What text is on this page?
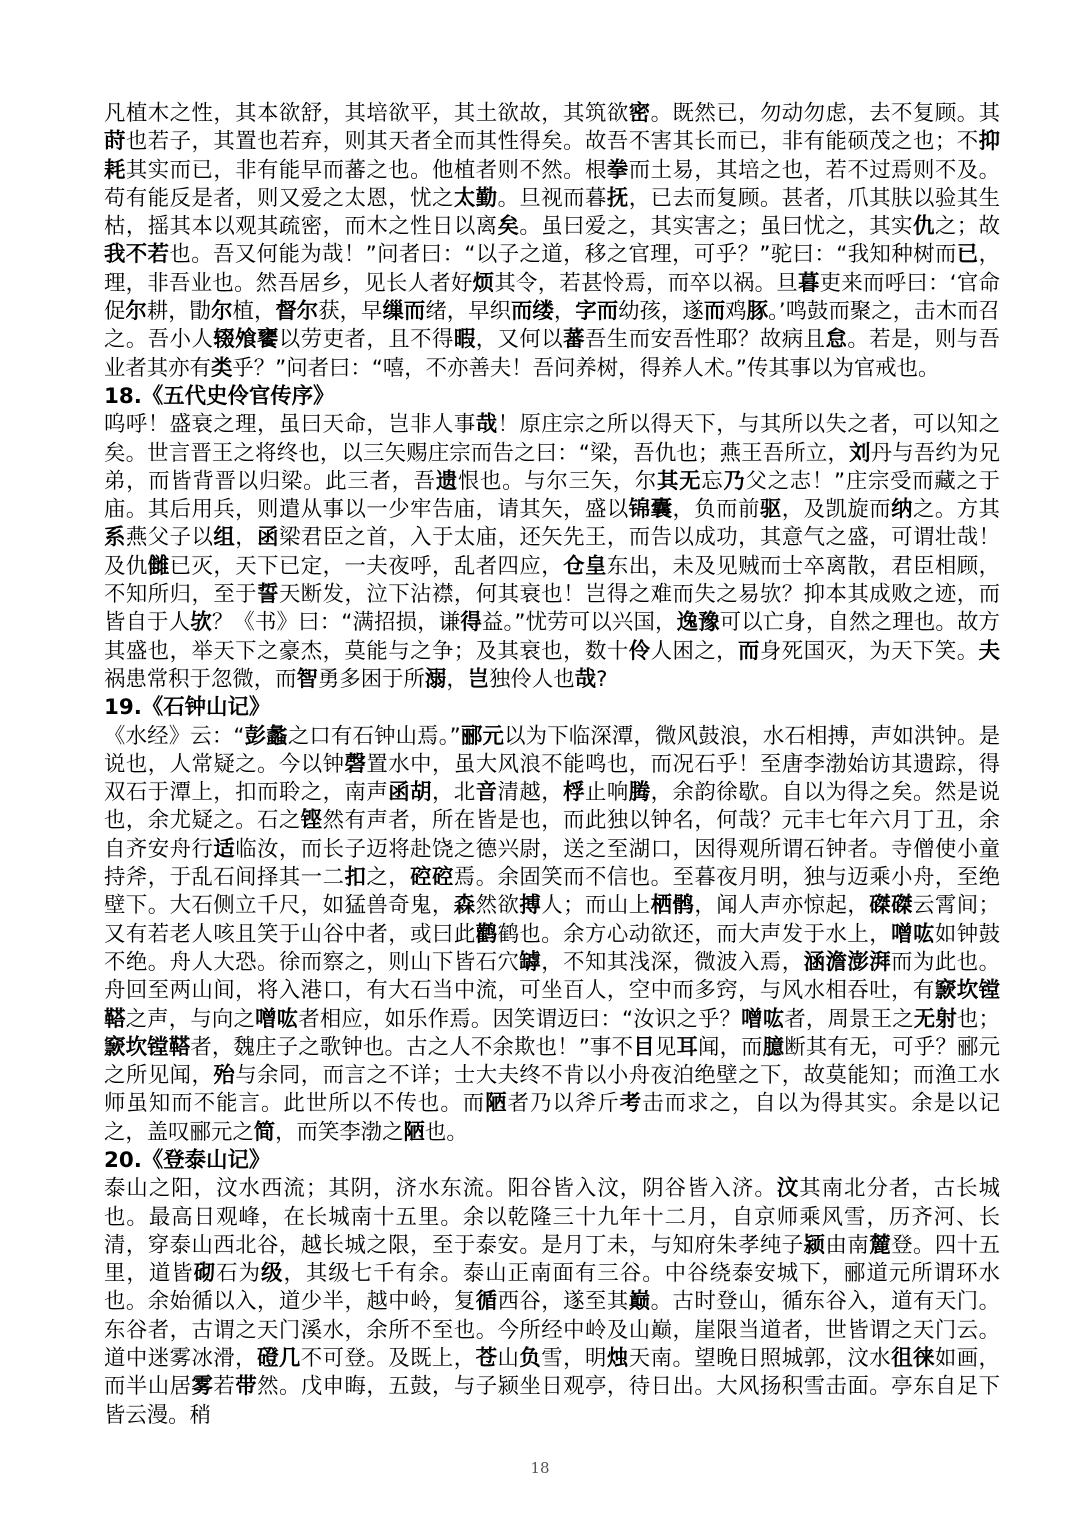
凡植木之性，其本欲舒，其培欲平，其土欲故，其筑欲密。既然已，勿动勿虑，去不复顾。其莳也若子，其置也若弃，则其天者全而其性得矣。故吾不害其长而已，非有能硕茂之也；不抑耗其实而已，非有能早而蕃之也。他植者则不然。根拳而土易，其培之也，若不过焉则不及。苟有能反是者，则又爱之太恩，忧之太勤。旦视而暮抚，已去而复顾。甚者，爪其肤以验其生枯，摇其本以观其疏密，而木之性日以离矣。虽曰爱之，其实害之；虽曰忧之，其实仇之；故我不若也。吾又何能为哉！”问者曰：“以子之道，移之官理，可乎？”驼曰：“我知种树而已，理，非吾业也。然吾居乡，见长人者好烦其令，若甚怜焉，而卒以祸。旦暮吏来而呼曰：‘官命促尔耕，勖尔植，督尔获，早缫而绪，早织而缕，字而幼孩，遂而鸡豚。’鸣鼓而聚之，击木而召之。吾小人辍飧饔以劳吏者，且不得暇，又何以蕃吾生而安吾性耶？故病且怠。若是，则与吾业者其亦有类乎？”问者曰：“嘻，不亦善夫！吾问养树，得养人术。”传其事以为官戒也。

18.《五代史伶官传序》

呜呼！盛衰之理，虽曰天命，岂非人事哉！原庄宗之所以得天下，与其所以失之者，可以知之矣。世言晋王之将终也，以三矢赐庄宗而告之曰：“梁，吾仇也；燕王吾所立，刘丹与吾约为兄弟，而皆背晋以归梁。此三者，吾遗恨也。与尔三矢，尔其无忘乃父之志！”庄宗受而藏之于庙。其后用兵，则遣从事以一少牢告庙，请其矢，盛以锦囊，负而前驱，及凯旋而纳之。方其系燕父子以组，函梁君臣之首，入于太庙，还矢先王，而告以成功，其意气之盛，可谓壮哉！及仇雠已灭，天下已定，一夫夜呼，乱者四应，仓皇东出，未及见贼而士卒离散，君臣相顾，不知所归，至于誓天断发，泣下沾襟，何其衰也！岂得之难而失之易欤？抑本其成败之迹，而皆自于人欤？《书》曰：“满招损，谦得益。”忧劳可以兴国，逸豫可以亡身，自然之理也。故方其盛也，举天下之豪杰，莫能与之争；及其衰也，数十伶人困之，而身死国灭，为天下笑。夫祸患常积于忽微，而智勇多困于所溺，岂独伶人也哉?

19.《石钟山记》

《水经》云：“彭蠡之口有石钟山焉。”郦元以为下临深潭，微风鼓浪，水石相搏，声如洪钟。是说也，人常疑之。今以钟磬置水中，虽大风浪不能鸣也，而况石乎！至唐李渤始访其遗踪，得双石于潭上，扣而聆之，南声函胡，北音清越，桴止响腾，余韵徐歇。自以为得之矣。然是说也，余尤疑之。石之铿然有声者，所在皆是也，而此独以钟名，何哉？元丰七年六月丁丑，余自齐安舟行适临汝，而长子迈将赴饶之德兴尉，送之至湖口，因得观所谓石钟者。寺僧使小童持斧，于乱石间择其一二扣之，硿硿焉。余固笑而不信也。至暮夜月明，独与迈乘小舟，至绝壁下。大石侧立千尺，如猛兽奇鬼，森然欲搏人；而山上栖鹘，闻人声亦惊起，磔磔云霄间；又有若老人咳且笑于山谷中者，或曰此鹳鹤也。余方心动欲还，而大声发于水上，噌吰如钟鼓不绝。舟人大恐。徐而察之，则山下皆石穴罅，不知其浅深，微波入焉，涵澹澎湃而为此也。舟回至两山间，将入港口，有大石当中流，可坐百人，空中而多窍，与风水相吞吐，有窾坎镗鞳之声，与向之噌吰者相应，如乐作焉。因笑谓迈曰：“汝识之乎？噌吰者，周景王之无射也；窾坎镗鞳者，魏庄子之歌钟也。古之人不余欺也！”事不目见耳闻，而臆断其有无，可乎？郦元之所见闻，殆与余同，而言之不详；士大夫终不肯以小舟夜泊绝壁之下，故莫能知；而渔工水师虽知而不能言。此世所以不传也。而陋者乃以斧斤考击而求之，自以为得其实。余是以记之，盖叹郦元之简，而笑李渤之陋也。

20.《登泰山记》

泰山之阳，汶水西流；其阴，济水东流。阳谷皆入汶，阴谷皆入济。汶其南北分者，古长城也。最高日观峰，在长城南十五里。余以乾隆三十九年十二月，自京师乘风雪，历齐河、长清，穿泰山西北谷，越长城之限，至于泰安。是月丁未，与知府朱孝纯子颍由南麓登。四十五里，道皆砌石为级，其级七千有余。泰山正南面有三谷。中谷绕泰安城下，郦道元所谓环水也。余始循以入，道少半，越中岭，复循西谷，遂至其巅。古时登山，循东谷入，道有天门。东谷者，古谓之天门溪水，余所不至也。今所经中岭及山巅，崖限当道者，世皆谓之天门云。道中迷雾冰滑，磴几不可登。及既上，苍山负雪，明烛天南。望晚日照城郭，汶水徂徕如画，而半山居雾若带然。戊申晦，五鼓，与子颍坐日观亭，待日出。大风扬积雪击面。亭东自足下皆云漫。稍

18
